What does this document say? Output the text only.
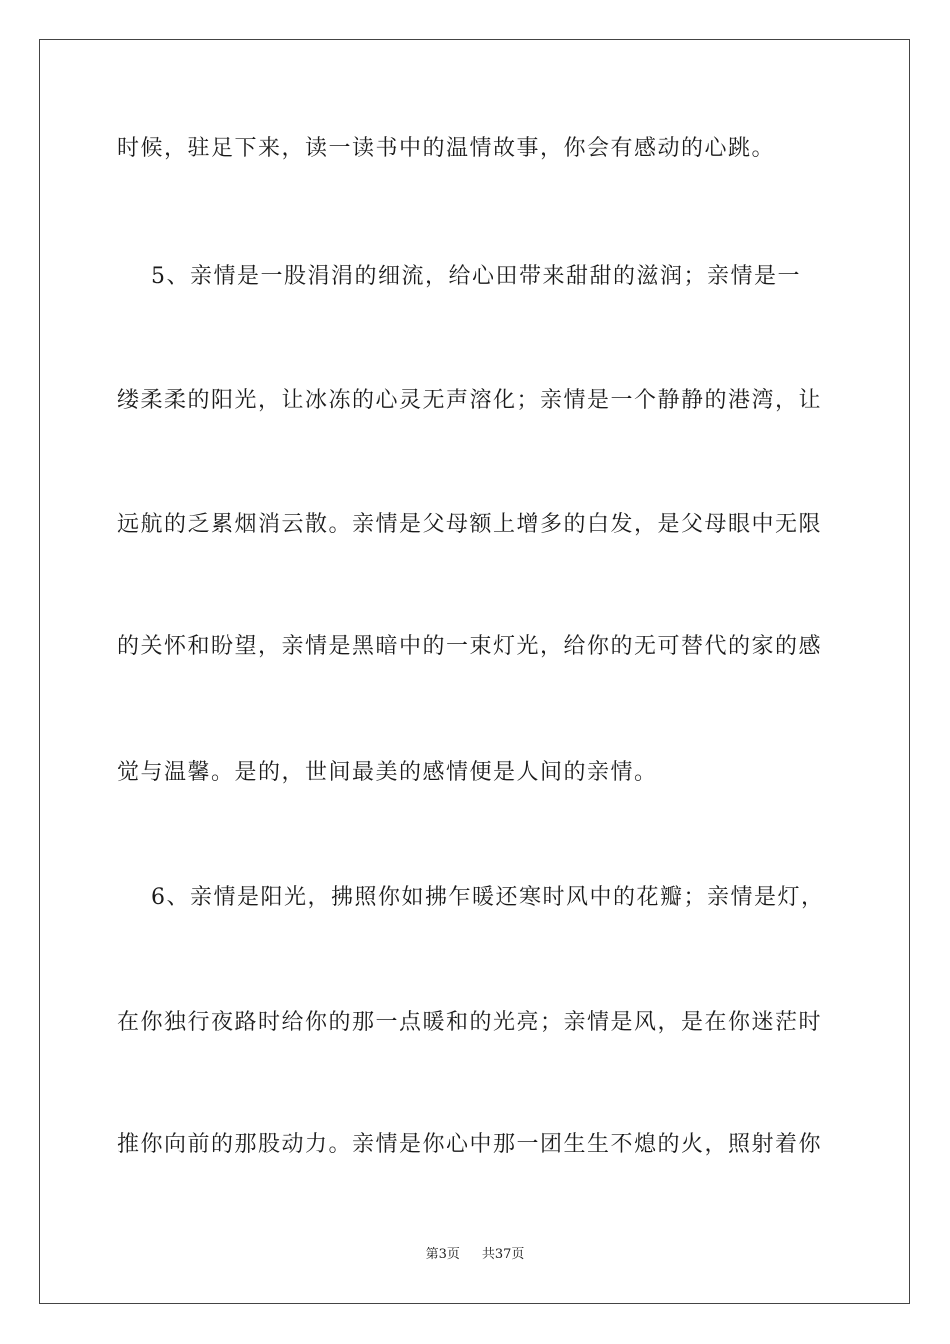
时候，驻足下来，读一读书中的温情故事，你会有感动的心跳。
5、亲情是一股涓涓的细流，给心田带来甜甜的滋润；亲情是一
缕柔柔的阳光，让冰冻的心灵无声溶化；亲情是一个静静的港湾，让
远航的乏累烟消云散。亲情是父母额上增多的白发，是父母眼中无限
的关怀和盼望，亲情是黑暗中的一束灯光，给你的无可替代的家的感
觉与温馨。是的，世间最美的感情便是人间的亲情。
6、亲情是阳光，拂照你如拂乍暖还寒时风中的花瓣；亲情是灯，
在你独行夜路时给你的那一点暖和的光亮；亲情是风，是在你迷茫时
推你向前的那股动力。亲情是你心中那一团生生不熄的火，照射着你
第3页 共37页
